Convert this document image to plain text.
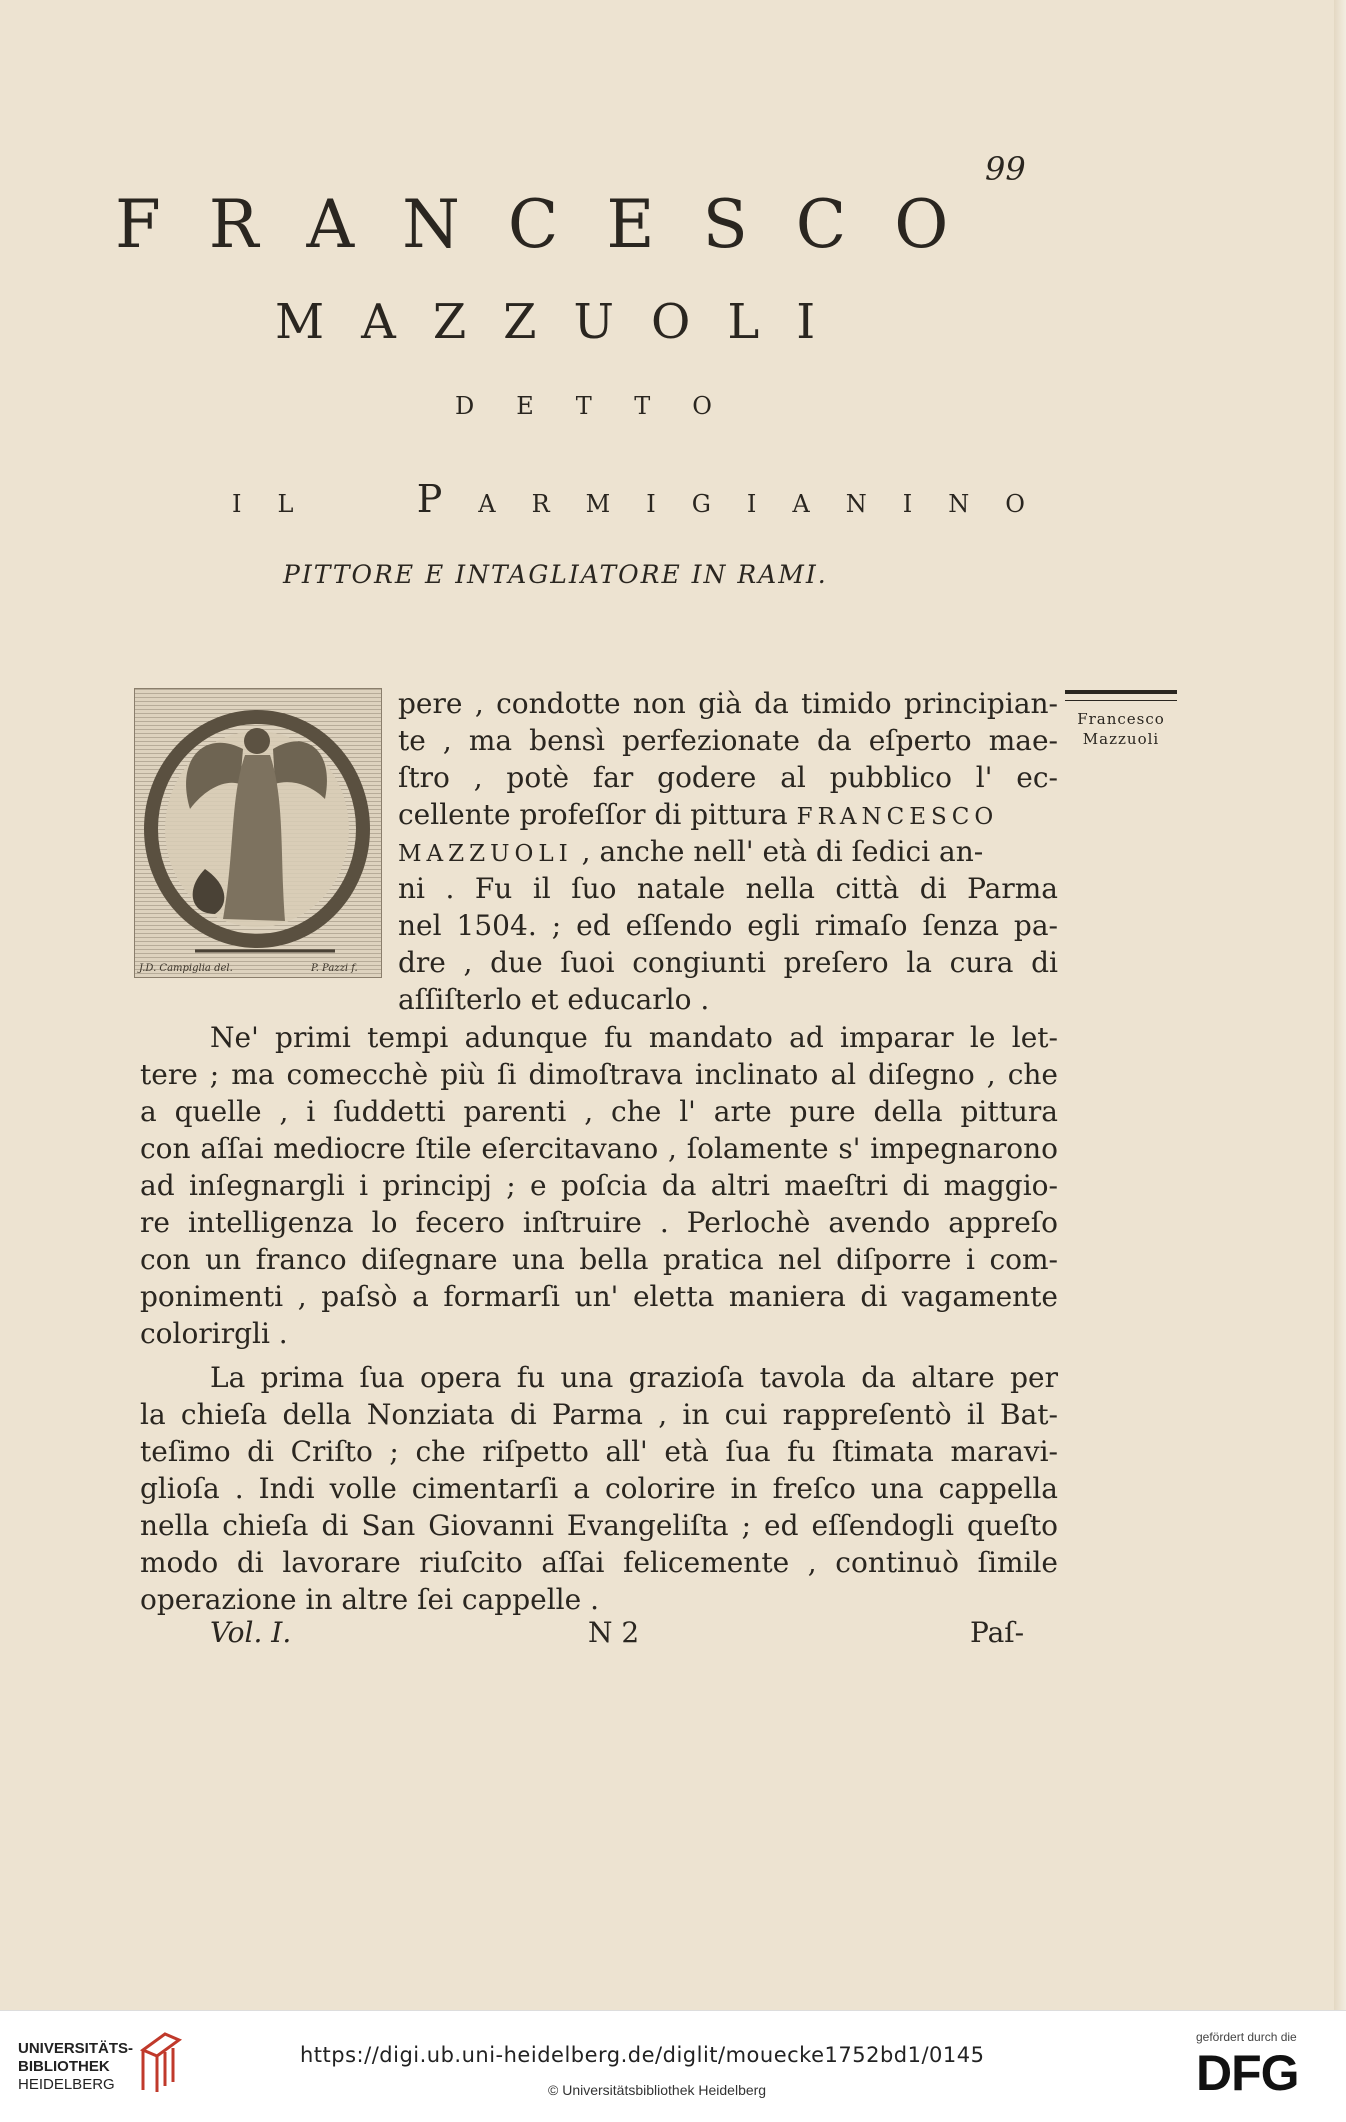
99
FRANCESCO
MAZZUOLI
DETTO
IL PARMIGIANINO
PITTORE E INTAGLIATORE IN RAMI.
J.D. Campiglia del.	P. Pazzi f.
Francesco
Mazzuoli
pere , condotte non già da timido principian-
te , ma bensì perfezionate da eſperto mae-
ſtro , potè far godere al pubblico l' ec-
cellente profeſſor di pittura FRANCESCO
MAZZUOLI , anche nell' età di ſedici an-
ni . Fu il ſuo natale nella città di Parma
nel 1504. ; ed eſſendo egli rimaſo ſenza pa-
dre , due ſuoi congiunti preſero la cura di
aſſiſterlo et educarlo .
Ne' primi tempi adunque fu mandato ad imparar le let-
tere ; ma comecchè più ſi dimoſtrava inclinato al diſegno , che
a quelle , i ſuddetti parenti , che l' arte pure della pittura
con aſſai mediocre ſtile eſercitavano , ſolamente s' impegnarono
ad inſegnargli i principj ; e poſcia da altri maeſtri di maggio-
re intelligenza lo fecero inſtruire . Perlochè avendo appreſo
con un franco diſegnare una bella pratica nel diſporre i com-
ponimenti , paſsò a formarſi un' eletta maniera di vagamente
colorirgli .
La prima ſua opera fu una grazioſa tavola da altare per
la chieſa della Nonziata di Parma , in cui rappreſentò il Bat-
teſimo di Criſto ; che riſpetto all' età ſua fu ſtimata maravi-
glioſa . Indi volle cimentarſi a colorire in freſco una cappella
nella chieſa di San Giovanni Evangeliſta ; ed eſſendogli queſto
modo di lavorare riuſcito aſſai felicemente , continuò ſimile
operazione in altre ſei cappelle .
Vol. I.	N 2	Paſ-
UNIVERSITÄTS-
BIBLIOTHEK
HEIDELBERG
https://digi.ub.uni-heidelberg.de/diglit/mouecke1752bd1/0145
© Universitätsbibliothek Heidelberg
gefördert durch die
DFG
